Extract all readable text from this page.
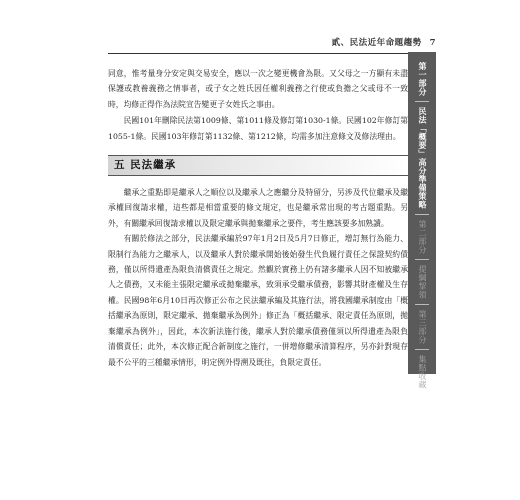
貳、民法近年命題趨勢 7

同意，惟考量身分安定與交易安全，應以一次之變更機會為限。又父母之一方顯有未盡保護或教養義務之情事者，或子女之姓氏因任權利義務之行使或負擔之父或母不一致時，均修正得作為法院宣告變更子女姓氏之事由。

民國101年刪除民法第1009條、第1011條及修訂第1030-1條。民國102年修訂第1055-1條。民國103年修訂第1132條、第1212條，均需多加注意條文及修法理由。

五 民法繼承

繼承之重點即是繼承人之順位以及繼承人之應繼分及特留分，另涉及代位繼承及繼承權回復請求權，這些都是相當重要的條文規定，也是繼承常出現的考古題重點。另外，有關繼承回復請求權以及限定繼承與拋棄繼承之要件，考生應該要多加熟讀。

有關於修法之部分，民法繼承編於97年1月2日及5月7日修正，增訂無行為能力、限制行為能力之繼承人，以及繼承人對於繼承開始後始發生代負履行責任之保證契約債務，僅以所得遺產為限負清償責任之規定。然觀於實務上仍有諸多繼承人因不知被繼承人之債務，又未能主張限定繼承或拋棄繼承，致須承受繼承債務，影響其財產權及生存權。民國98年6月10日再次修正公布之民法繼承編及其施行法，將我國繼承制度由「概括繼承為原則，限定繼承、拋棄繼承為例外」修正為「概括繼承、限定責任為原則，拋棄繼承為例外」，因此，本次新法施行後，繼承人對於繼承債務僅須以所得遺產為限負清償責任；此外，本次修正配合新制度之施行，一併增修繼承清算程序，另亦針對現存最不公平的三種繼承情形，明定例外得溯及既往，負限定責任。

第一部分
民法「概要」高分準備策略
第二部分
提綱挈領
第三部分
集點收藏
